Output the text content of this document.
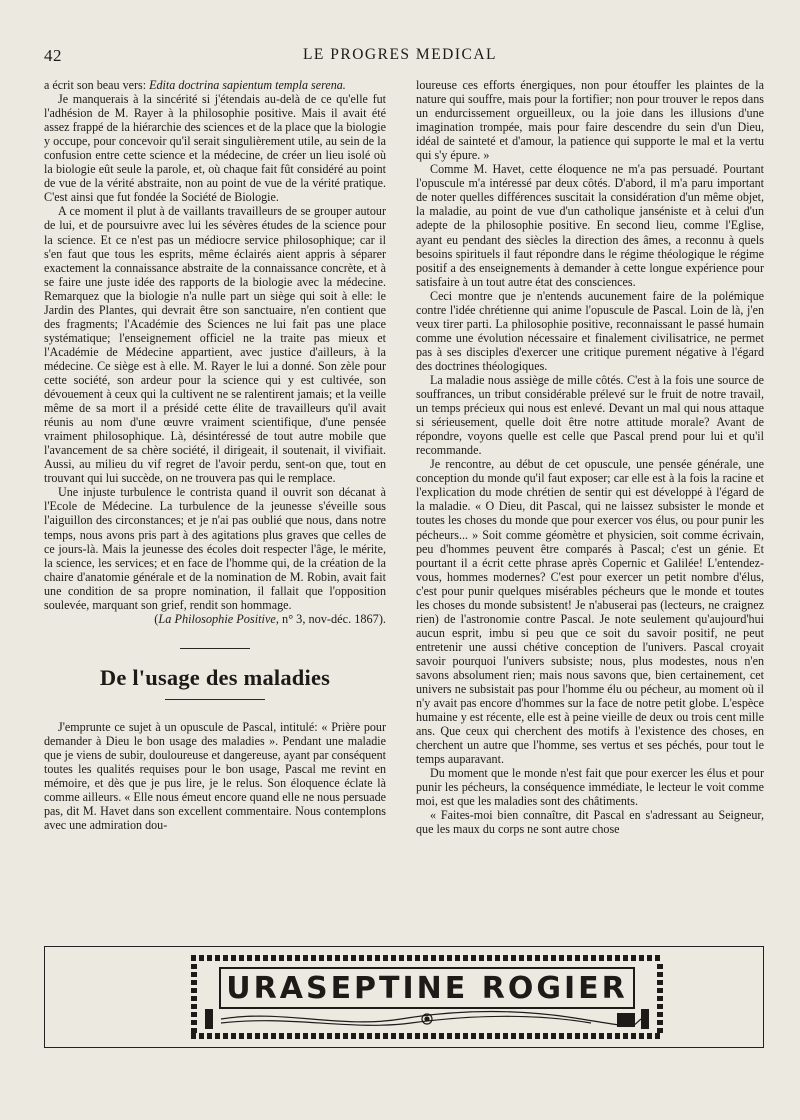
42	LE PROGRES MEDICAL

a écrit son beau vers: Edita doctrina sapientum templa serena.

Je manquerais à la sincérité si j'étendais au-delà de ce qu'elle fut l'adhésion de M. Rayer à la philosophie positive. Mais il avait été assez frappé de la hiérarchie des sciences et de la place que la biologie y occupe, pour concevoir qu'il serait singulièrement utile, au sein de la confusion entre cette science et la médecine, de créer un lieu isolé où la biologie eût seule la parole, et, où chaque fait fût considéré au point de vue de la vérité abstraite, non au point de vue de la vérité pratique. C'est ainsi que fut fondée la Société de Biologie.

A ce moment il plut à de vaillants travailleurs de se grouper autour de lui, et de poursuivre avec lui les sévères études de la science pour la science. Et ce n'est pas un médiocre service philosophique; car il s'en faut que tous les esprits, même éclairés aient appris à séparer exactement la connaissance abstraite de la connaissance concrète, et à se faire une juste idée des rapports de la biologie avec la médecine. Remarquez que la biologie n'a nulle part un siège qui soit à elle: le Jardin des Plantes, qui devrait être son sanctuaire, n'en contient que des fragments; l'Académie des Sciences ne lui fait pas une place systématique; l'enseignement officiel ne la traite pas mieux et l'Académie de Médecine appartient, avec justice d'ailleurs, à la médecine. Ce siège est à elle. M. Rayer le lui a donné. Son zèle pour cette société, son ardeur pour la science qui y est cultivée, son dévouement à ceux qui la cultivent ne se ralentirent jamais; et la veille même de sa mort il a présidé cette élite de travailleurs qu'il avait réunis au nom d'une œuvre vraiment scientifique, d'une pensée vraiment philosophique. Là, désintéressé de tout autre mobile que l'avancement de sa chère société, il dirigeait, il soutenait, il vivifiait. Aussi, au milieu du vif regret de l'avoir perdu, sent-on que, tout en trouvant qui lui succède, on ne trouvera pas qui le remplace.

Une injuste turbulence le contrista quand il ouvrit son décanat à l'Ecole de Médecine. La turbulence de la jeunesse s'éveille sous l'aiguillon des circonstances; et je n'ai pas oublié que nous, dans notre temps, nous avons pris part à des agitations plus graves que celles de ce jours-là. Mais la jeunesse des écoles doit respecter l'âge, le mérite, la science, les services; et en face de l'homme qui, de la création de la chaire d'anatomie générale et de la nomination de M. Robin, avait fait une condition de sa propre nomination, il fallait que l'opposition soulevée, marquant son grief, rendit son hommage.

(La Philosophie Positive, n° 3, nov-déc. 1867).

De l'usage des maladies

J'emprunte ce sujet à un opuscule de Pascal, intitulé: « Prière pour demander à Dieu le bon usage des maladies ». Pendant une maladie que je viens de subir, douloureuse et dangereuse, ayant par conséquent toutes les qualités requises pour le bon usage, Pascal me revint en mémoire, et dès que je pus lire, je le relus. Son éloquence éclate là comme ailleurs. « Elle nous émeut encore quand elle ne nous persuade pas, dit M. Havet dans son excellent commentaire. Nous contemplons avec une admiration dou-

loureuse ces efforts énergiques, non pour étouffer les plaintes de la nature qui souffre, mais pour la fortifier; non pour trouver le repos dans un endurcissement orgueilleux, ou la joie dans les illusions d'une imagination trompée, mais pour faire descendre du sein d'un Dieu, idéal de sainteté et d'amour, la patience qui supporte le mal et la vertu qui s'y épure. »

Comme M. Havet, cette éloquence ne m'a pas persuadé. Pourtant l'opuscule m'a intéressé par deux côtés. D'abord, il m'a paru important de noter quelles différences suscitait la considération d'un même objet, la maladie, au point de vue d'un catholique janséniste et à celui d'un adepte de la philosophie positive. En second lieu, comme l'Eglise, ayant eu pendant des siècles la direction des âmes, a reconnu à quels besoins spirituels il faut répondre dans le régime théologique le régime positif a des enseignements à demander à cette longue expérience pour satisfaire à un tout autre état des consciences.

Ceci montre que je n'entends aucunement faire de la polémique contre l'idée chrétienne qui anime l'opuscule de Pascal. Loin de là, j'en veux tirer parti. La philosophie positive, reconnaissant le passé humain comme une évolution nécessaire et finalement civilisatrice, ne permet pas à ses disciples d'exercer une critique purement négative à l'égard des doctrines théologiques.

La maladie nous assiège de mille côtés. C'est à la fois une source de souffrances, un tribut considérable prélevé sur le fruit de notre travail, un temps précieux qui nous est enlevé. Devant un mal qui nous attaque si sérieusement, quelle doit être notre attitude morale? Avant de répondre, voyons quelle est celle que Pascal prend pour lui et qu'il recommande.

Je rencontre, au début de cet opuscule, une pensée générale, une conception du monde qu'il faut exposer; car elle est à la fois la racine et l'explication du mode chrétien de sentir qui est développé à l'égard de la maladie. « O Dieu, dit Pascal, qui ne laissez subsister le monde et toutes les choses du monde que pour exercer vos élus, ou pour punir les pécheurs... » Soit comme géomètre et physicien, soit comme écrivain, peu d'hommes peuvent être comparés à Pascal; c'est un génie. Et pourtant il a écrit cette phrase après Copernic et Galilée! L'entendez-vous, hommes modernes? C'est pour exercer un petit nombre d'élus, c'est pour punir quelques misérables pécheurs que le monde et toutes les choses du monde subsistent! Je n'abuserai pas (lecteurs, ne craignez rien) de l'astronomie contre Pascal. Je note seulement qu'aujourd'hui aucun esprit, imbu si peu que ce soit du savoir positif, ne peut entretenir une aussi chétive conception de l'univers. Pascal croyait savoir pourquoi l'univers subsiste; nous, plus modestes, nous n'en savons absolument rien; mais nous savons que, bien certainement, cet univers ne subsistait pas pour l'homme élu ou pécheur, au moment où il n'y avait pas encore d'hommes sur la face de notre petit globe. L'espèce humaine y est récente, elle est à peine vieille de deux ou trois cent mille ans. Que ceux qui cherchent des motifs à l'existence des choses, en cherchent un autre que l'homme, ses vertus et ses péchés, pour tout le temps auparavant.

Du moment que le monde n'est fait que pour exercer les élus et pour punir les pécheurs, la conséquence immédiate, le lecteur le voit comme moi, est que les maladies sont des châtiments.

« Faites-moi bien connaître, dit Pascal en s'adressant au Seigneur, que les maux du corps ne sont autre chose

URASEPTINE ROGIER
